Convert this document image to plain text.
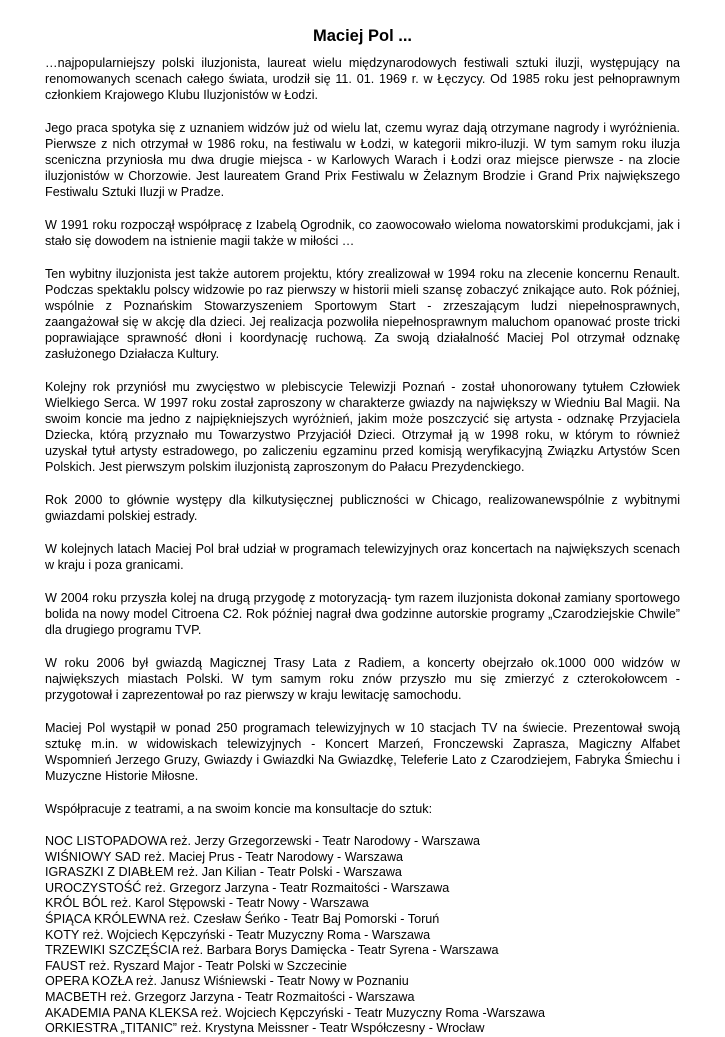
Maciej Pol ...

…najpopularniejszy polski iluzjonista, laureat wielu międzynarodowych festiwali sztuki iluzji, występujący na renomowanych scenach całego świata, urodził się 11. 01. 1969 r. w Łęczycy. Od 1985 roku jest pełnoprawnym członkiem Krajowego Klubu Iluzjonistów w Łodzi.

Jego praca spotyka się z uznaniem widzów już od wielu lat, czemu wyraz dają otrzymane nagrody i wyróżnienia. Pierwsze z nich otrzymał w 1986 roku, na festiwalu w Łodzi, w kategorii mikro-iluzji. W tym samym roku iluzja sceniczna przyniosła mu dwa drugie miejsca - w Karlowych Warach i Łodzi oraz miejsce pierwsze - na zlocie iluzjonistów w Chorzowie. Jest laureatem Grand Prix Festiwalu w Żelaznym Brodzie i Grand Prix największego Festiwalu Sztuki Iluzji w Pradze.

W 1991 roku rozpoczął współpracę z Izabelą Ogrodnik, co zaowocowało wieloma nowatorskimi produkcjami, jak i stało się dowodem na istnienie magii także w miłości …

Ten wybitny iluzjonista jest także autorem projektu, który zrealizował w 1994 roku na zlecenie koncernu Renault. Podczas spektaklu polscy widzowie po raz pierwszy w historii mieli szansę zobaczyć znikające auto. Rok później, wspólnie z Poznańskim Stowarzyszeniem Sportowym Start - zrzeszającym ludzi niepełnosprawnych, zaangażował się w akcję dla dzieci. Jej realizacja pozwoliła niepełnosprawnym maluchom opanować proste tricki poprawiające sprawność dłoni i koordynację ruchową. Za swoją działalność Maciej Pol otrzymał odznakę zasłużonego Działacza Kultury.

Kolejny rok przyniósł mu zwycięstwo w plebiscycie Telewizji Poznań - został uhonorowany tytułem Człowiek Wielkiego Serca. W 1997 roku został zaproszony w charakterze gwiazdy na największy w Wiedniu Bal Magii. Na swoim koncie ma jedno z najpiękniejszych wyróżnień, jakim może poszczycić się artysta - odznakę Przyjaciela Dziecka, którą przyznało mu Towarzystwo Przyjaciół Dzieci. Otrzymał ją w 1998 roku, w którym to również uzyskał tytuł artysty estradowego, po zaliczeniu egzaminu przed komisją weryfikacyjną Związku Artystów Scen Polskich. Jest pierwszym polskim iluzjonistą zaproszonym do Pałacu Prezydenckiego.

Rok 2000 to głównie występy dla kilkutysięcznej publiczności w Chicago, realizowanewspólnie z wybitnymi gwiazdami polskiej estrady.

W kolejnych latach Maciej Pol brał udział w programach telewizyjnych oraz koncertach na największych scenach w kraju i poza granicami.

W 2004 roku przyszła kolej na drugą przygodę z motoryzacją- tym razem iluzjonista dokonał zamiany sportowego bolida na nowy model Citroena C2. Rok później nagrał dwa godzinne autorskie programy „Czarodziejskie Chwile” dla drugiego programu TVP.

W roku 2006 był gwiazdą Magicznej Trasy Lata z Radiem, a koncerty obejrzało ok.1000 000 widzów w największych miastach Polski. W tym samym roku znów przyszło mu się zmierzyć z czterokołowcem - przygotował i zaprezentował po raz pierwszy w kraju lewitację samochodu.

Maciej Pol wystąpił w ponad 250 programach telewizyjnych w 10 stacjach TV na świecie. Prezentował swoją sztukę m.in. w widowiskach telewizyjnych - Koncert Marzeń, Fronczewski Zaprasza, Magiczny Alfabet Wspomnień Jerzego Gruzy, Gwiazdy i Gwiazdki Na Gwiazdkę, Teleferie Lato z Czarodziejem, Fabryka Śmiechu i Muzyczne Historie Miłosne.

Współpracuje z teatrami, a na swoim koncie ma konsultacje do sztuk:

NOC LISTOPADOWA reż. Jerzy Grzegorzewski - Teatr Narodowy - Warszawa
WIŚNIOWY SAD reż. Maciej Prus - Teatr Narodowy - Warszawa
IGRASZKI Z DIABŁEM reż. Jan Kilian - Teatr Polski - Warszawa
UROCZYSTOŚĆ reż. Grzegorz Jarzyna - Teatr Rozmaitości - Warszawa
KRÓL BÓL reż. Karol Stępowski - Teatr Nowy - Warszawa
ŚPIĄCA KRÓLEWNA reż. Czesław Śeńko - Teatr Baj Pomorski - Toruń
KOTY reż. Wojciech Kępczyński - Teatr Muzyczny Roma - Warszawa
TRZEWIKI SZCZĘŚCIA reż. Barbara Borys Damięcka - Teatr Syrena - Warszawa
FAUST reż. Ryszard Major - Teatr Polski w Szczecinie
OPERA KOZŁA reż. Janusz Wiśniewski - Teatr Nowy w Poznaniu
MACBETH reż. Grzegorz Jarzyna - Teatr Rozmaitości - Warszawa
AKADEMIA PANA KLEKSA reż. Wojciech Kępczyński - Teatr Muzyczny Roma -Warszawa
ORKIESTRA „TITANIC” reż. Krystyna Meissner - Teatr Współczesny - Wrocław
